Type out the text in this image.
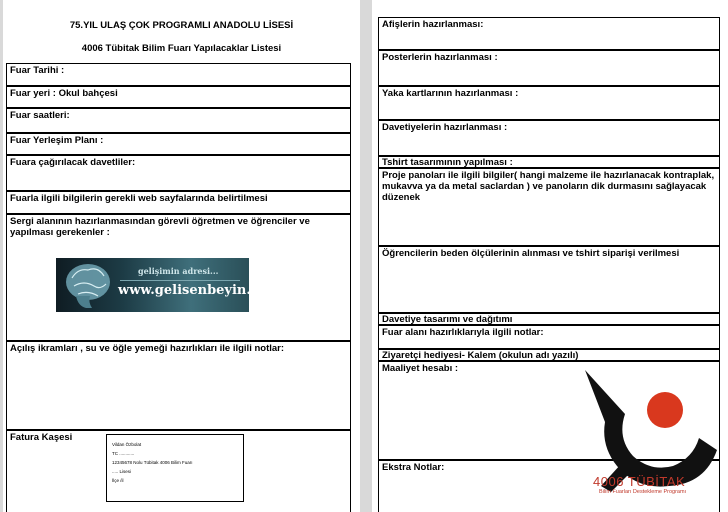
75.YIL ULAŞ ÇOK PROGRAMLI ANADOLU LİSESİ
4006 Tübitak Bilim Fuarı Yapılacaklar Listesi
Fuar Tarihi :
Fuar yeri : Okul bahçesi
Fuar saatleri:
Fuar Yerleşim Planı :
Fuara çağırılacak davetliler:
Fuarla ilgili bilgilerin gerekli web sayfalarında belirtilmesi
Sergi alanının hazırlanmasından görevli öğretmen ve öğrenciler ve yapılması gerekenler :
gelişimin adresi...
www.gelisenbeyin.net
Açılış ikramları , su ve öğle yemeği hazırlıkları ile ilgili notlar:
Fatura Kaşesi
Vildan Özbolat
TC ............
12345678 Nolu Tübitak 4006 Bilim Fuarı
..... Lisesi
İlçe /il
Afişlerin hazırlanması:
Posterlerin hazırlanması :
Yaka kartlarının hazırlanması :
Davetiyelerin hazırlanması :
Tshirt tasarımının yapılması :
Proje panoları ile ilgili bilgiler( hangi malzeme ile hazırlanacak kontraplak, mukavva ya da metal saclardan ) ve panoların dik durmasını sağlayacak düzenek
Öğrencilerin beden ölçülerinin alınması ve tshirt siparişi verilmesi
Davetiye tasarımı ve dağıtımı
Fuar alanı hazırlıklarıyla ilgili notlar:
Ziyaretçi hediyesi- Kalem (okulun adı yazılı)
Maaliyet hesabı :
Ekstra Notlar:
4006 TÜBİTAK
Bilim Fuarları Destekleme Programı
